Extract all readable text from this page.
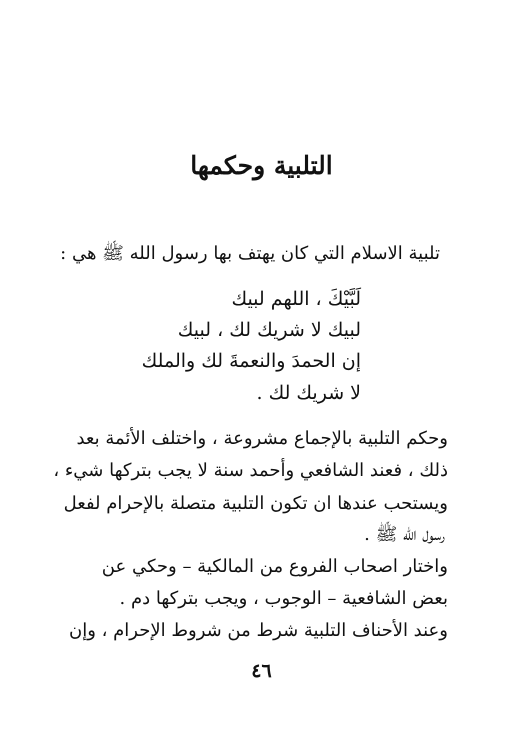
التلبية وحكمها
تلبية الاسلام التي كان يهتف بها رسول الله ﷺ هي :
لَبَّيْكَ ، اللهم لبيك
لبيك لا شريك لك ، لبيك
إن الحمدَ والنعمةَ لك والملك
لا شريك لك .
وحكم التلبية بالإجماع مشروعة ، واختلف الأئمة بعد
ذلك ، فعند الشافعي وأحمد سنة لا يجب بتركها شيء ،
ويستحب عندها ان تكون التلبية متصلة بالإحرام لفعل
رسول الله ﷺ .
واختار اصحاب الفروع من المالكية – وحكي عن
بعض الشافعية – الوجوب ، ويجب بتركها دم .
وعند الأحناف التلبية شرط من شروط الإحرام ، وإن
٤٦
